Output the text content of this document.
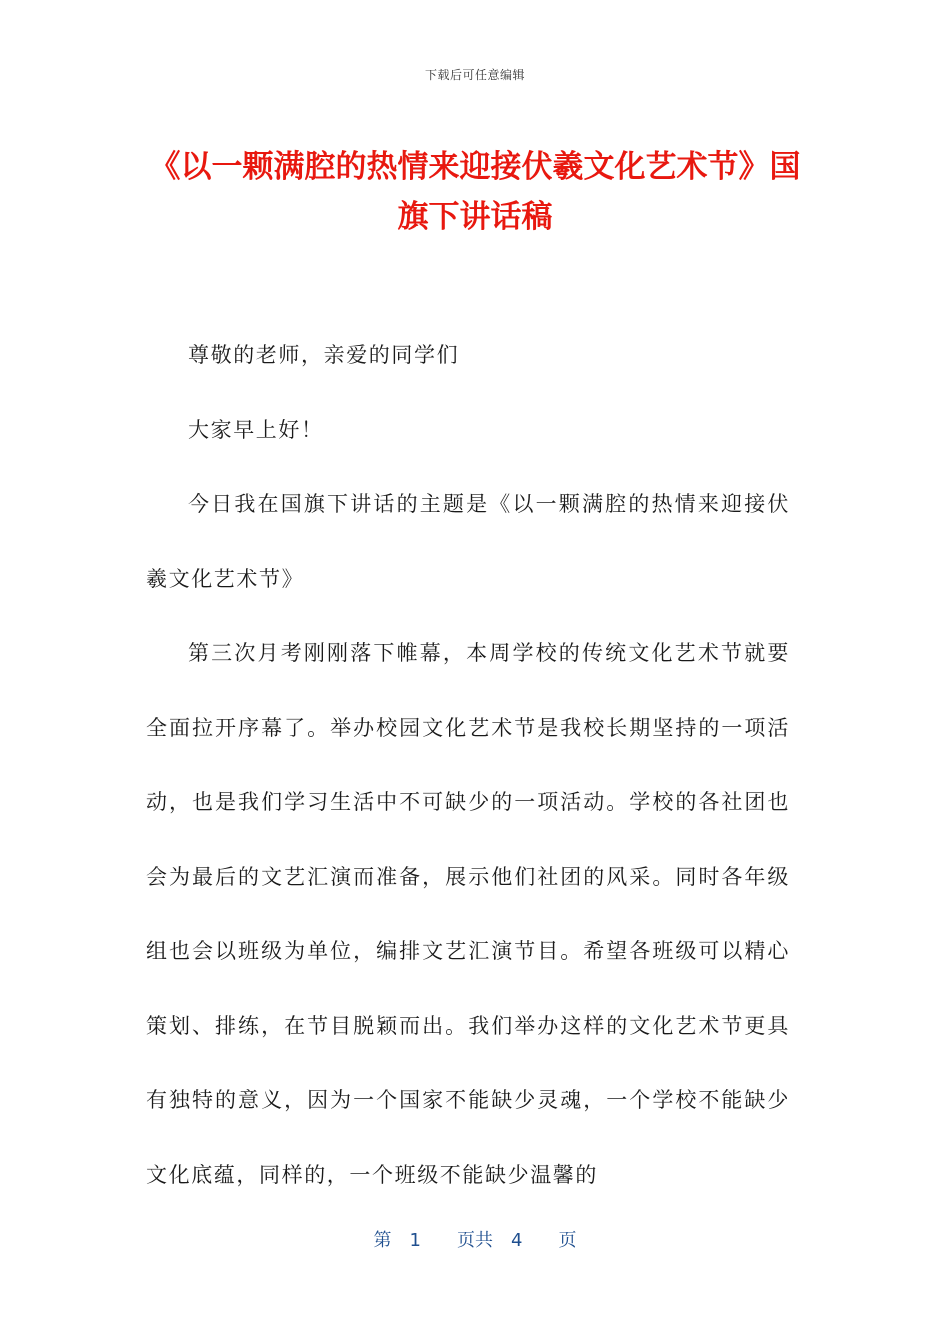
下载后可任意编辑
《以一颗满腔的热情来迎接伏羲文化艺术节》国旗下讲话稿

尊敬的老师，亲爱的同学们

大家早上好！

今日我在国旗下讲话的主题是《以一颗满腔的热情来迎接伏羲文化艺术节》

第三次月考刚刚落下帷幕，本周学校的传统文化艺术节就要全面拉开序幕了。举办校园文化艺术节是我校长期坚持的一项活动，也是我们学习生活中不可缺少的一项活动。学校的各社团也会为最后的文艺汇演而准备，展示他们社团的风采。同时各年级组也会以班级为单位，编排文艺汇演节目。希望各班级可以精心策划、排练，在节目脱颖而出。我们举办这样的文化艺术节更具有独特的意义，因为一个国家不能缺少灵魂，一个学校不能缺少文化底蕴，同样的，一个班级不能缺少温馨的

第 1 页共 4 页
